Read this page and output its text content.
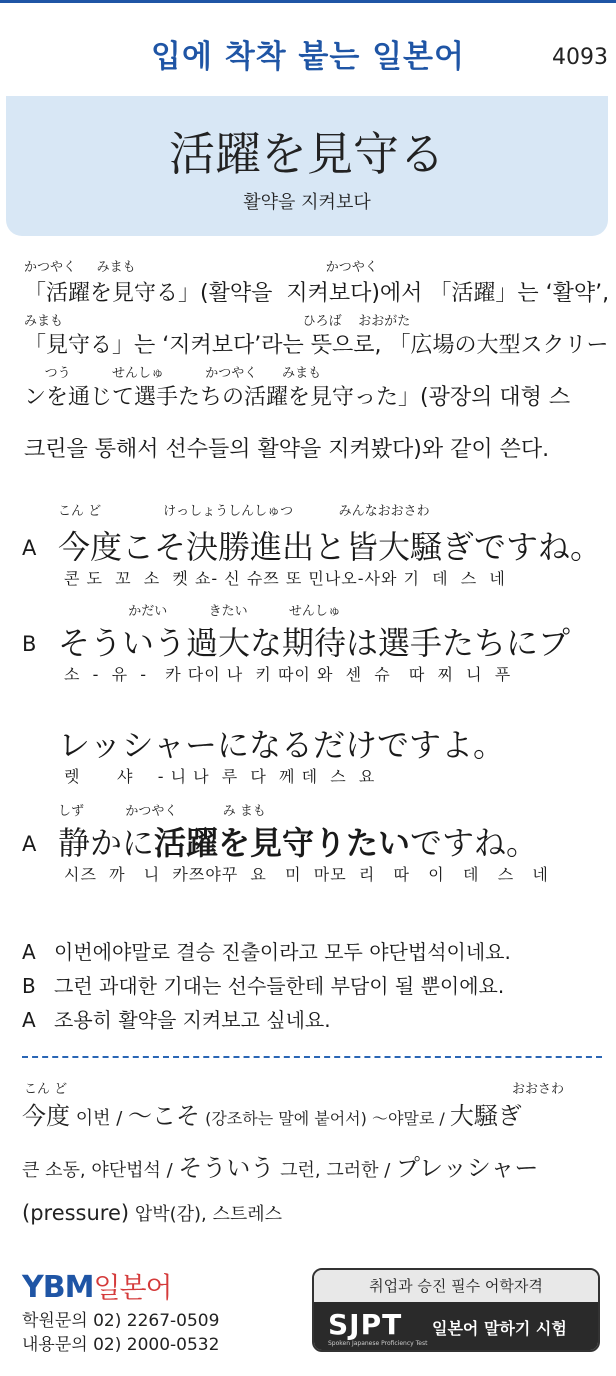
입에 착착 붙는 일본어	4093
活躍を見守る
활약을 지켜보다
かつやく     みまも                                              かつやく
「活躍を見守る」(활약을  지켜보다)에서 「活躍」는 ‘활약’,
みまも                                                          ひろば    おおがた
「見守る」는 ‘지켜보다’라는 뜻으로, 「広場の大型スクリー
つう          せんしゅ          かつやく      みまも
ンを通じて選手たちの活躍を見守った」(광장의 대형 스
크린을 통해서 선수들의 활약을 지켜봤다)와 같이 쓴다.
こん ど               けっしょうしんしゅつ           みんなおおさわ
A 今度こそ決勝進出と皆大騒ぎですね。
콘 도  꼬  소  켓 쇼- 신 슈쯔 또 민나오-사와 기  데  스  네
かだい          きたい          せんしゅ
B そういう過大な期待は選手たちにプ
소  -  유  -   카 다이 나  키 따이 와  센  슈   따  찌  니  푸
レッシャーになるだけですよ。
렛      샤    - 니 나  루  다  께 데  스  요
しず          かつやく           み まも
A 静かに活躍を見守りたいですね。
시즈  까   니  카쯔야꾸  요   미  마모  리   따   이   데   스   네
A 이번에야말로 결승 진출이라고 모두 야단법석이네요.
B 그런 과대한 기대는 선수들한테 부담이 될 뿐이에요.
A 조용히 활약을 지켜보고 싶네요.
こん ど	おおさわ
今度 이번 / 〜こそ (강조하는 말에 붙어서) 〜야말로 / 大騒ぎ
큰 소동, 야단법석 / そういう 그런, 그러한 / プレッシャー
(pressure) 압박(감), 스트레스
YBM일본어
학원문의 02) 2267-0509
내용문의 02) 2000-0532
취업과 승진 필수 어학자격
SJPT
Spoken Japanese Proficiency Test
일본어 말하기 시험
